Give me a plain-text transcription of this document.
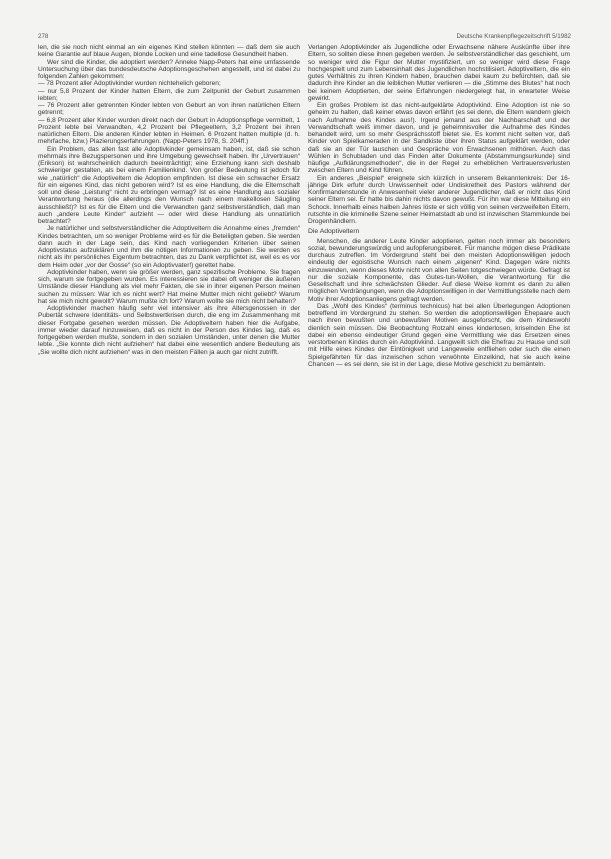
278	Deutsche Krankenpflegezeitschrift 5/1982

len, die sie noch nicht einmal an ein eigenes Kind stellen könnten — daß dem sie auch keine Garantie auf blaue Augen, blonde Locken und eine tadellose Gesundheit haben.

Wer sind die Kinder, die adoptiert werden? Anneke Napp-Peters hat eine umfassende Untersuchung über das bundesdeutsche Adoptionsgeschehen angestellt, und ist dabei zu folgenden Zahlen gekommen:

— 78 Prozent aller Adoptivkinder wurden nichtehelich geboren;

— nur 5,8 Prozent der Kinder hatten Eltern, die zum Zeitpunkt der Geburt zusammen lebten;

— 76 Prozent aller getrennten Kinder lebten von Geburt an von ihren natürlichen Eltern getrennt;

— 6,8 Prozent aller Kinder wurden direkt nach der Geburt in Adoptionspflege vermittelt, 1 Prozent lebte bei Verwandten, 4,2 Prozent bei Pflegeeltern, 3,2 Prozent bei ihren natürlichen Eltern. Die anderen Kinder lebten in Heimen. 6 Prozent hatten multiple (d. h. mehrfache, bzw.) Plazierungserfahrungen. (Napp-Peters 1978, S. 204ff.)

Ein Problem, das allen fast alle Adoptivkinder gemeinsam haben, ist, daß sie schon mehrmals ihre Bezugspersonen und ihre Umgebung gewechselt haben. Ihr „Urvertrauen“ (Erikson) ist wahrscheinlich dadurch beeinträchtigt; eine Erziehung kann sich deshalb schwieriger gestalten, als bei einem Familienkind. Von großer Bedeutung ist jedoch für wie „natürlich“ die Adoptiveltern die Adoption empfinden. Ist diese ein schwacher Ersatz für ein eigenes Kind, das nicht geboren wird? Ist es eine Handlung, die die Elternschaft soll und diese „Leistung“ nicht zu erbringen vermag? Ist es eine Handlung aus sozialer Verantwortung heraus (die allerdings den Wunsch nach einem makellosen Säugling ausschließt)? Ist es für die Eltern und die Verwandten ganz selbstverständlich, daß man auch „andere Leute Kinder“ aufzieht — oder wird diese Handlung als unnatürlich betrachtet?

Je natürlicher und selbstverständlicher die Adoptiveltern die Annahme eines „fremden“ Kindes betrachten, um so weniger Probleme wird es für die Beteiligten geben. Sie werden dann auch in der Lage sein, das Kind nach vorliegenden Kriterien über seinen Adoptivstatus aufzuklären und ihm die nötigen Informationen zu geben. Sie werden es nicht als ihr persönliches Eigentum betrachten, das zu Dank verpflichtet ist, weil es es vor dem Heim oder „vor der Gosse“ (so ein Adoptivvater!) gerettet habe.

Adoptivkinder haben, wenn sie größer werden, ganz spezifische Probleme. Sie fragen sich, warum sie fortgegeben wurden. Es interessieren sie dabei oft weniger die äußeren Umstände dieser Handlung als viel mehr Fakten, die sie in ihrer eigenen Person meinen suchen zu müssen: War ich es nicht wert? Hat meine Mutter mich nicht geliebt? Warum hat sie mich nicht gewollt? Warum mußte ich fort? Warum wollte sie mich nicht behalten?

Adoptivkinder machen häufig sehr viel intensiver als ihre Altersgenossen in der Pubertät schwere Identitäts- und Selbstwertkrisen durch, die eng im Zusammenhang mit dieser Fortgabe gesehen werden müssen. Die Adoptiveltern haben hier die Aufgabe, immer wieder darauf hinzuweisen, daß es nicht in der Person des Kindes lag, daß es fortgegeben werden mußte, sondern in den sozialen Umständen, unter denen die Mutter lebte. „Sie konnte dich nicht aufziehen“ hat dabei eine wesentlich andere Bedeutung als „Sie wollte dich nicht aufziehen“ was in den meisten Fällen ja auch gar nicht zutrifft.

Verlangen Adoptivkinder als Jugendliche oder Erwachsene nähere Auskünfte über ihre Eltern, so sollten diese ihnen gegeben werden. Je selbstverständlicher das geschieht, um so weniger wird die Figur der Mutter mystifiziert, um so weniger wird diese Frage hochgespielt und zum Lebensinhalt des Jugendlichen hochstilisiert. Adoptiveltern, die ein gutes Verhältnis zu ihren Kindern haben, brauchen dabei kaum zu befürchten, daß sie dadurch ihre Kinder an die leiblichen Mutter verlieren — die „Stimme des Blutes“ hat noch bei keinem Adoptierten, der seine Erfahrungen niedergelegt hat, in erwarteter Weise gewirkt.

Ein großes Problem ist das nicht-aufgeklärte Adoptivkind. Eine Adoption ist nie so geheim zu halten, daß keiner etwas davon erfährt (es sei denn, die Eltern wandern gleich nach Aufnahme des Kindes aus!). Irgend jemand aus der Nachbarschaft und der Verwandtschaft weiß immer davon, und je geheimnisvoller die Aufnahme des Kindes behandelt wird, um so mehr Gesprächsstoff bietet sie. Es kommt nicht selten vor, daß Kinder von Spielkameraden in der Sandkiste über ihren Status aufgeklärt werden, oder daß sie an der Tür lauschen und Gespräche von Erwachsenen mithören. Auch das Wühlen in Schubladen und das Finden alter Dokumente (Abstammungsurkunde) sind häufige „Aufklärungsmethoden“, die in der Regel zu erheblichen Vertrauensverlusten zwischen Eltern und Kind führen.

Ein anderes „Beispiel“ ereignete sich kürzlich in unserem Bekanntenkreis: Der 16-jährige Dirk erfuhr durch Unwissenheit oder Undiskretheit des Pastors während der Konfirmandenstunde in Anwesenheit vieler anderer Jugendlicher, daß er nicht das Kind seiner Eltern sei. Er hatte bis dahin nichts davon gewußt. Für ihn war diese Mitteilung ein Schock. Innerhalb eines halben Jahres löste er sich völlig von seinen verzweifelten Eltern, rutschte in die kriminelle Szene seiner Heimatstadt ab und ist inzwischen Stammkunde bei Drogenhändlern.

Die Adoptiveltern

Menschen, die anderer Leute Kinder adoptieren, gelten noch immer als besonders sozial, bewunderungswürdig und aufopferungsbereit. Für manche mögen diese Prädikate durchaus zutreffen. Im Vordergrund steht bei den meisten Adoptionswilligen jedoch eindeutig der egoistische Wunsch nach einem „eigenen“ Kind. Dagegen wäre nichts einzuwenden, wenn dieses Motiv nicht von allen Seiten totgeschwiegen würde. Gefragt ist nur die soziale Komponente, das Gutes-tun-Wollen, die Verantwortung für die Gesellschaft und ihre schwächsten Glieder. Auf diese Weise kommt es dann zu allen möglichen Verdrängungen, wenn die Adoptionswilligen in der Vermittlungsstelle nach dem Motiv ihrer Adoptionsanliegens gefragt werden.

Das „Wohl des Kindes“ (terminus technicus) hat bei allen Überlegungen Adoptionen betreffend im Vordergrund zu stehen. So werden die adoptionswilligen Ehepaare auch nach ihren bewußten und unbewußten Motiven ausgeforscht, die dem Kindeswohl dienlich sein müssen. Die Beobachtung Rotzahl eines kinderlosen, kriselnden Ehe ist dabei ein ebenso eindeutiger Grund gegen eine Vermittlung wie das Ersetzen eines verstorbenen Kindes durch ein Adoptivkind. Langweilt sich die Ehefrau zu Hause und soll mit Hilfe eines Kindes der Eintönigkeit und Langeweile entfliehen oder such die einen Spielgefährten für das inzwischen schon verwöhnte Einzelkind, hat sie auch keine Chancen — es sei denn, sie ist in der Lage, diese Motive geschickt zu bemänteln.
